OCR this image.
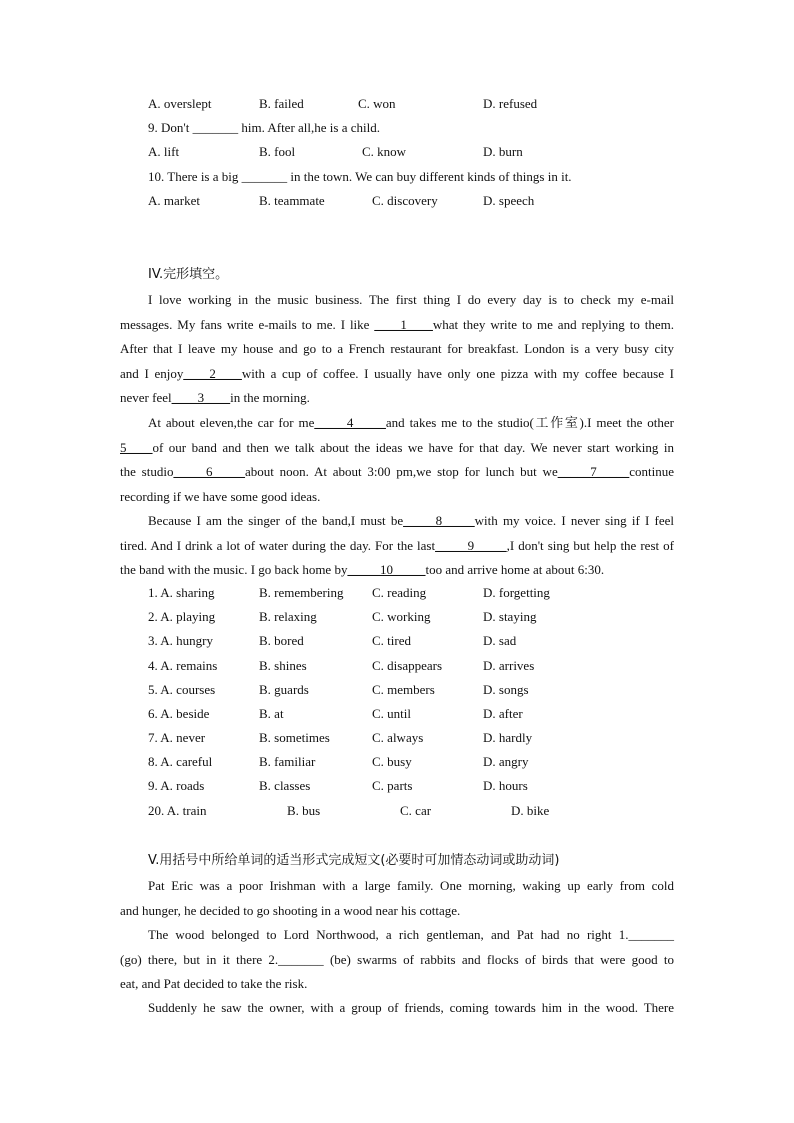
A. overslept	B. failed	C. won	D. refused
9. Don't _______ him. After all,he is a child.
A. lift	B. fool	C. know	D. burn
10. There is a big _______ in the town. We can buy different kinds of things in it.
A. market	B. teammate	C. discovery	D. speech
IV.完形填空。
I love working in the music business. The first thing I do every day is to check my e-mail
messages. My fans write e-mails to me. I like ____1____what they write to me and replying to them.
After that I leave my house and go to a French restaurant for breakfast. London is a very busy city
and I enjoy____2____with a cup of coffee. I usually have only one pizza with my coffee because I
never feel____3____in the morning.
At about eleven,the car for me_____4_____and takes me to the studio(工作室).I meet the other
5____of our band and then we talk about the ideas we have for that day. We never start working in
the studio_____6_____about noon. At about 3:00 pm,we stop for lunch but we_____7_____continue
recording if we have some good ideas.
Because I am the singer of the band,I must be_____8_____with my voice. I never sing if I feel
tired. And I drink a lot of water during the day. For the last_____9_____,I don't sing but help the rest of
the band with the music. I go back home by_____10_____too and arrive home at about 6:30.
1. A. sharing	B. remembering C. reading	D. forgetting
2. A. playing	B. relaxing	C. working	D. staying
3. A. hungry	B. bored	C. tired	D. sad
4. A. remains	B. shines	C. disappears	D. arrives
5. A. courses	B. guards	C. members	D. songs
6. A. beside	B. at	C. until	D. after
7. A. never	B. sometimes	C. always	D. hardly
8. A. careful	B. familiar	C. busy	D. angry
9. A. roads	B. classes	C. parts	D. hours
20. A. train	B. bus	C. car	D. bike
V.用括号中所给单词的适当形式完成短文(必要时可加情态动词或助动词)
Pat Eric was a poor Irishman with a large family. One morning, waking up early from cold
and hunger, he decided to go shooting in a wood near his cottage.
The wood belonged to Lord Northwood, a rich gentleman, and Pat had no right 1._______
(go) there, but in it there 2._______ (be) swarms of rabbits and flocks of birds that were good to
eat, and Pat decided to take the risk.
Suddenly he saw the owner, with a group of friends, coming towards him in the wood. There
